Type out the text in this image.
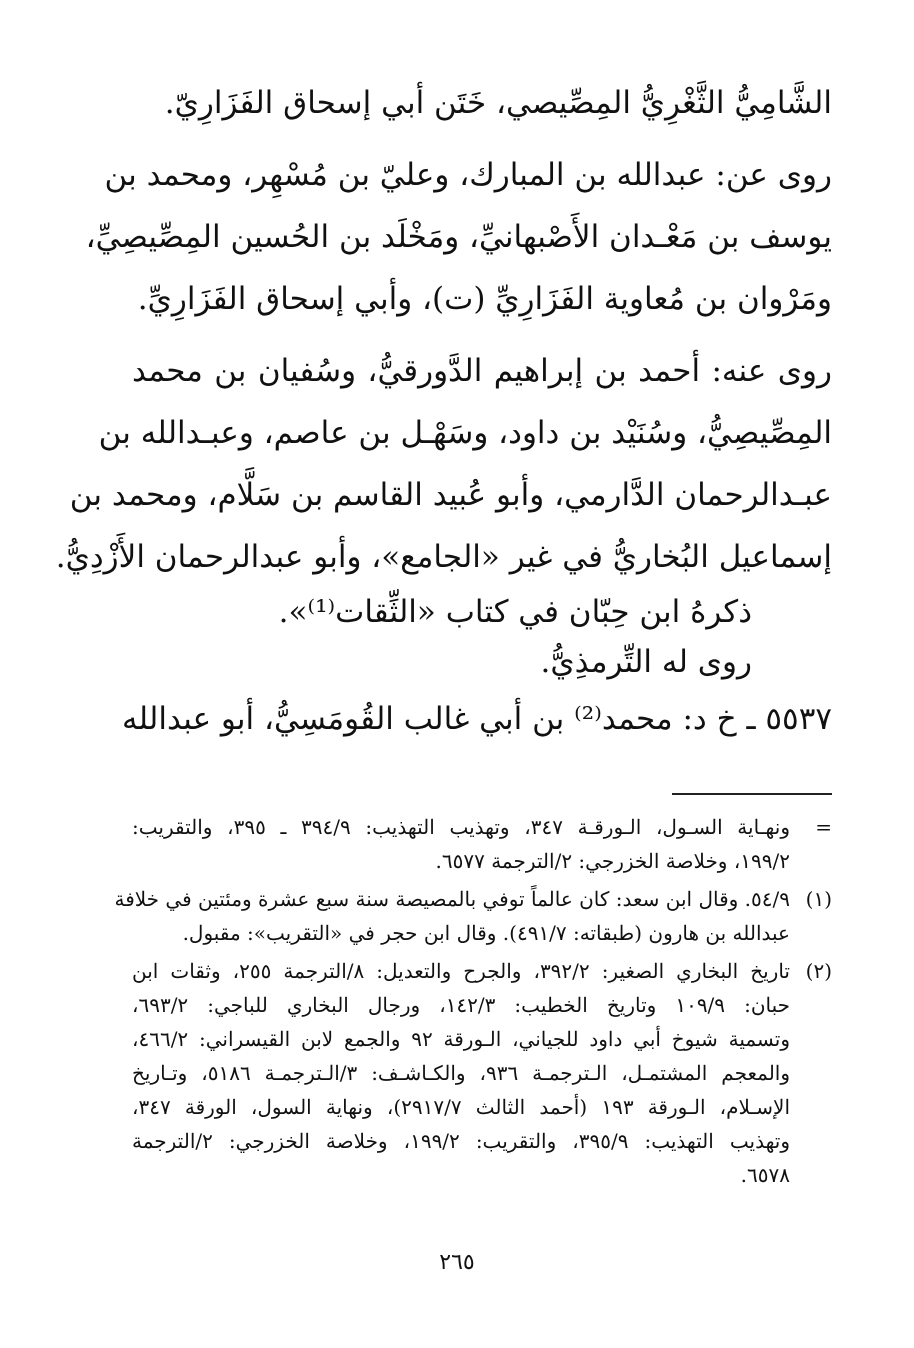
الشَّامِيُّ الثَّغْرِيُّ المِصِّيصي، خَتَن أبي إسحاق الفَزَارِيّ.
روى عن: عبدالله بن المبارك، وعليّ بن مُسْهِر، ومحمد بن
يوسف بن مَعْـدان الأَصْبهانيِّ، ومَخْلَد بن الحُسين المِصِّيصِيِّ،
ومَرْوان بن مُعاوية الفَزَارِيِّ (ت)، وأبي إسحاق الفَزَارِيِّ.
روى عنه: أحمد بن إبراهيم الدَّورقيُّ، وسُفيان بن محمد
المِصِّيصِيُّ، وسُنَيْد بن داود، وسَهْـل بن عاصم، وعبـدالله بن
عبـدالرحمان الدَّارمي، وأبو عُبيد القاسم بن سَلَّام، ومحمد بن
إسماعيل البُخاريُّ في غير «الجامع»، وأبو عبدالرحمان الأَزْدِيُّ.
ذكرهُ ابن حِبّان في كتاب «الثِّقات⁽¹⁾».
روى له التِّرمذِيُّ.
٥٥٣٧ ـ خ د: محمد⁽²⁾ بن أبي غالب القُومَسِيُّ، أبو عبدالله
=
ونهـاية السـول، الـورقـة ٣٤٧، وتهذيب التهذيب: ٣٩٤/٩ ـ ٣٩٥، والتقريب:
١٩٩/٢، وخلاصة الخزرجي: ٢/الترجمة ٦٥٧٧.
(١)
٥٤/٩. وقال ابن سعد: كان عالماً توفي بالمصيصة سنة سبع عشرة ومئتين في خلافة
عبدالله بن هارون (طبقاته: ٤٩١/٧). وقال ابن حجر في «التقريب»: مقبول.
(٢)
تاريخ البخاري الصغير: ٣٩٢/٢، والجرح والتعديل: ٨/الترجمة ٢٥٥، وثقات ابن
حبان: ١٠٩/٩ وتاريخ الخطيب: ١٤٢/٣، ورجال البخاري للباجي: ٦٩٣/٢،
وتسمية شيوخ أبي داود للجياني، الـورقة ٩٢ والجمع لابن القيسراني: ٤٦٦/٢،
والمعجم المشتمـل، الـترجمـة ٩٣٦، والكـاشـف: ٣/الـترجمـة ٥١٨٦، وتـاريخ
الإسـلام، الـورقة ١٩٣ (أحمد الثالث ٢٩١٧/٧)، ونهاية السول، الورقة ٣٤٧،
وتهذيب التهذيب: ٣٩٥/٩، والتقريب: ١٩٩/٢، وخلاصة الخزرجي: ٢/الترجمة
٦٥٧٨.
٢٦٥
